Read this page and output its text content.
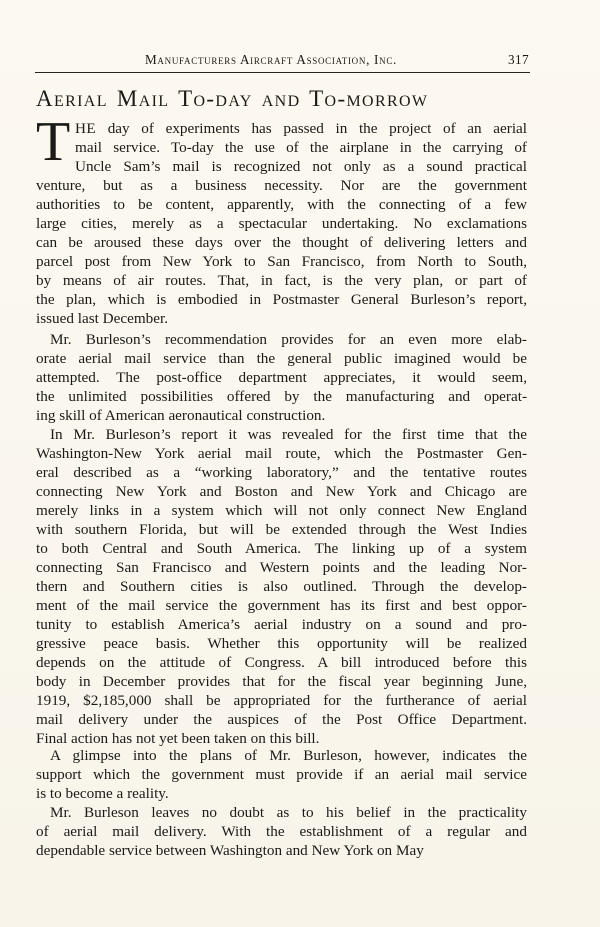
Manufacturers Aircraft Association, Inc.	317
Aerial Mail To-day and To-morrow
T HE day of experiments has passed in the project of an aerial
mail service. To-day the use of the airplane in the carrying of
Uncle Sam’s mail is recognized not only as a sound practical
venture, but as a business necessity. Nor are the government
authorities to be content, apparently, with the connecting of a few
large cities, merely as a spectacular undertaking. No exclamations
can be aroused these days over the thought of delivering letters and
parcel post from New York to San Francisco, from North to South,
by means of air routes. That, in fact, is the very plan, or part of
the plan, which is embodied in Postmaster General Burleson’s report,
issued last December.
Mr. Burleson’s recommendation provides for an even more elab-
orate aerial mail service than the general public imagined would be
attempted. The post-office department appreciates, it would seem,
the unlimited possibilities offered by the manufacturing and operat-
ing skill of American aeronautical construction.
In Mr. Burleson’s report it was revealed for the first time that the
Washington-New York aerial mail route, which the Postmaster Gen-
eral described as a “working laboratory,” and the tentative routes
connecting New York and Boston and New York and Chicago are
merely links in a system which will not only connect New England
with southern Florida, but will be extended through the West Indies
to both Central and South America. The linking up of a system
connecting San Francisco and Western points and the leading Nor-
thern and Southern cities is also outlined. Through the develop-
ment of the mail service the government has its first and best oppor-
tunity to establish America’s aerial industry on a sound and pro-
gressive peace basis. Whether this opportunity will be realized
depends on the attitude of Congress. A bill introduced before this
body in December provides that for the fiscal year beginning June,
1919, $2,185,000 shall be appropriated for the furtherance of aerial
mail delivery under the auspices of the Post Office Department.
Final action has not yet been taken on this bill.
A glimpse into the plans of Mr. Burleson, however, indicates the
support which the government must provide if an aerial mail service
is to become a reality.
Mr. Burleson leaves no doubt as to his belief in the practicality
of aerial mail delivery. With the establishment of a regular and
dependable service between Washington and New York on May
